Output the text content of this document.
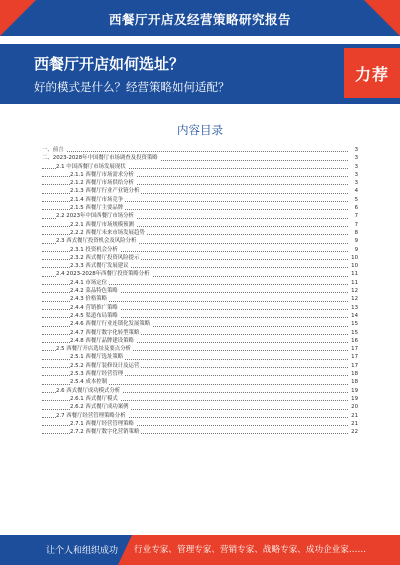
西餐厅开店及经营策略研究报告
西餐厅开店如何选址？
好的模式是什么？经营策略如何适配？
力荐
内容目录
一、前言	3
二、2023-2028年中国餐厅市场调查及投资策略	3
2.1 中国西餐厅市场发展现状	3
2.1.1 西餐厅市场需求分析	3
2.1.2 西餐厅市场供给分析	3
2.1.3 西餐厅行业产业链分析	4
2.1.4 西餐厅市场竞争	5
2.1.5 西餐厅主要品牌	6
2.2 2023年中国西餐厅市场分析	7
2.2.1 西餐厅市场规模预测	7
2.2.2 西餐厅未来市场发展趋势	8
2.3 西式餐厅投资机会及风险分析	9
2.3.1 投资机会分析	9
2.3.2 西式餐厅投资风险提示	10
2.3.3 西式餐厅发展建议	10
2.4 2023-2028年西餐厅投资策略分析	11
2.4.1 市场定位	11
2.4.2 菜品特色策略	12
2.4.3 价格策略	12
2.4.4 营销推广策略	13
2.4.5 渠道布局策略	14
2.4.6 西餐厅行业连锁化发展策略	15
2.4.7 西餐厅数字化转型策略	15
2.4.8 西餐厅品牌建设策略	16
2.5 西餐厅开店选址及要点分析	17
2.5.1 西餐厅选址策略	17
2.5.2 西餐厅装修设计及运营	17
2.5.3 西餐厅经营管理	18
2.5.4 成本控制	18
2.6 西式餐厅成功模式分析	19
2.6.1 西式餐厅模式	19
2.6.2 西式餐厅成功案例	20
2.7 西餐厅经营管理策略分析	21
2.7.1 西餐厅经营管理策略	21
2.7.2 西餐厅数字化营销策略	22
让个人和组织成功 行业专家、管理专家、营销专家、战略专家、成功企业家……
